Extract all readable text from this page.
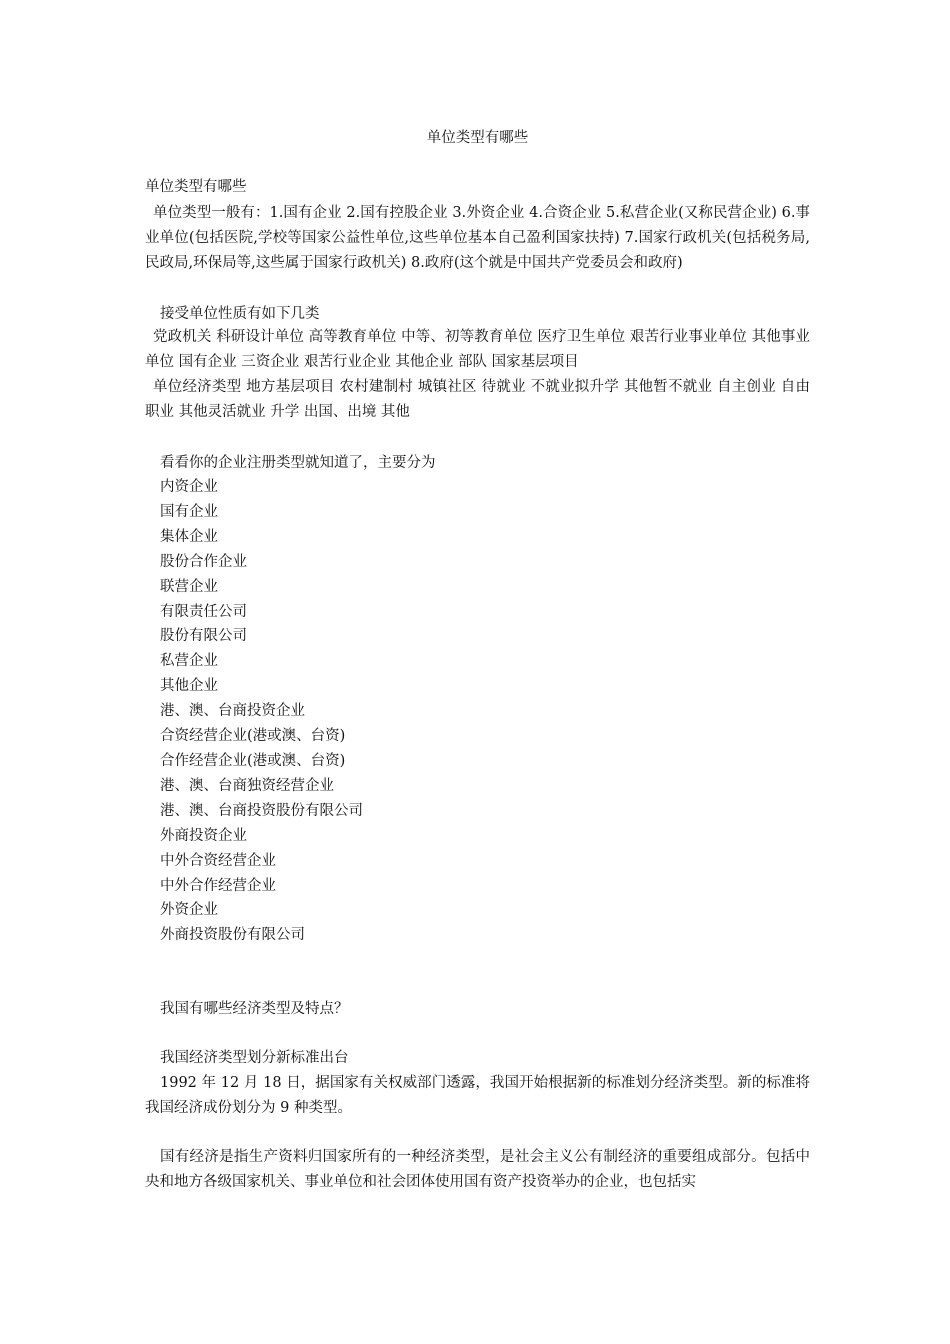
单位类型有哪些
单位类型有哪些
单位类型一般有：1.国有企业 2.国有控股企业 3.外资企业 4.合资企业 5.私营企业(又称民营企业) 6.事业单位(包括医院,学校等国家公益性单位,这些单位基本自己盈利国家扶持) 7.国家行政机关(包括税务局,民政局,环保局等,这些属于国家行政机关) 8.政府(这个就是中国共产党委员会和政府)
接受单位性质有如下几类
党政机关 科研设计单位 高等教育单位 中等、初等教育单位 医疗卫生单位 艰苦行业事业单位 其他事业单位 国有企业 三资企业 艰苦行业企业 其他企业 部队 国家基层项目
单位经济类型 地方基层项目 农村建制村 城镇社区 待就业 不就业拟升学 其他暂不就业 自主创业 自由职业 其他灵活就业 升学 出国、出境 其他
看看你的企业注册类型就知道了，主要分为
内资企业
国有企业
集体企业
股份合作企业
联营企业
有限责任公司
股份有限公司
私营企业
其他企业
港、澳、台商投资企业
合资经营企业(港或澳、台资)
合作经营企业(港或澳、台资)
港、澳、台商独资经营企业
港、澳、台商投资股份有限公司
外商投资企业
中外合资经营企业
中外合作经营企业
外资企业
外商投资股份有限公司
我国有哪些经济类型及特点？
我国经济类型划分新标准出台
1992 年 12 月 18 日，据国家有关权威部门透露，我国开始根据新的标准划分经济类型。新的标准将我国经济成份划分为 9 种类型。
国有经济是指生产资料归国家所有的一种经济类型，是社会主义公有制经济的重要组成部分。包括中央和地方各级国家机关、事业单位和社会团体使用国有资产投资举办的企业，也包括实
